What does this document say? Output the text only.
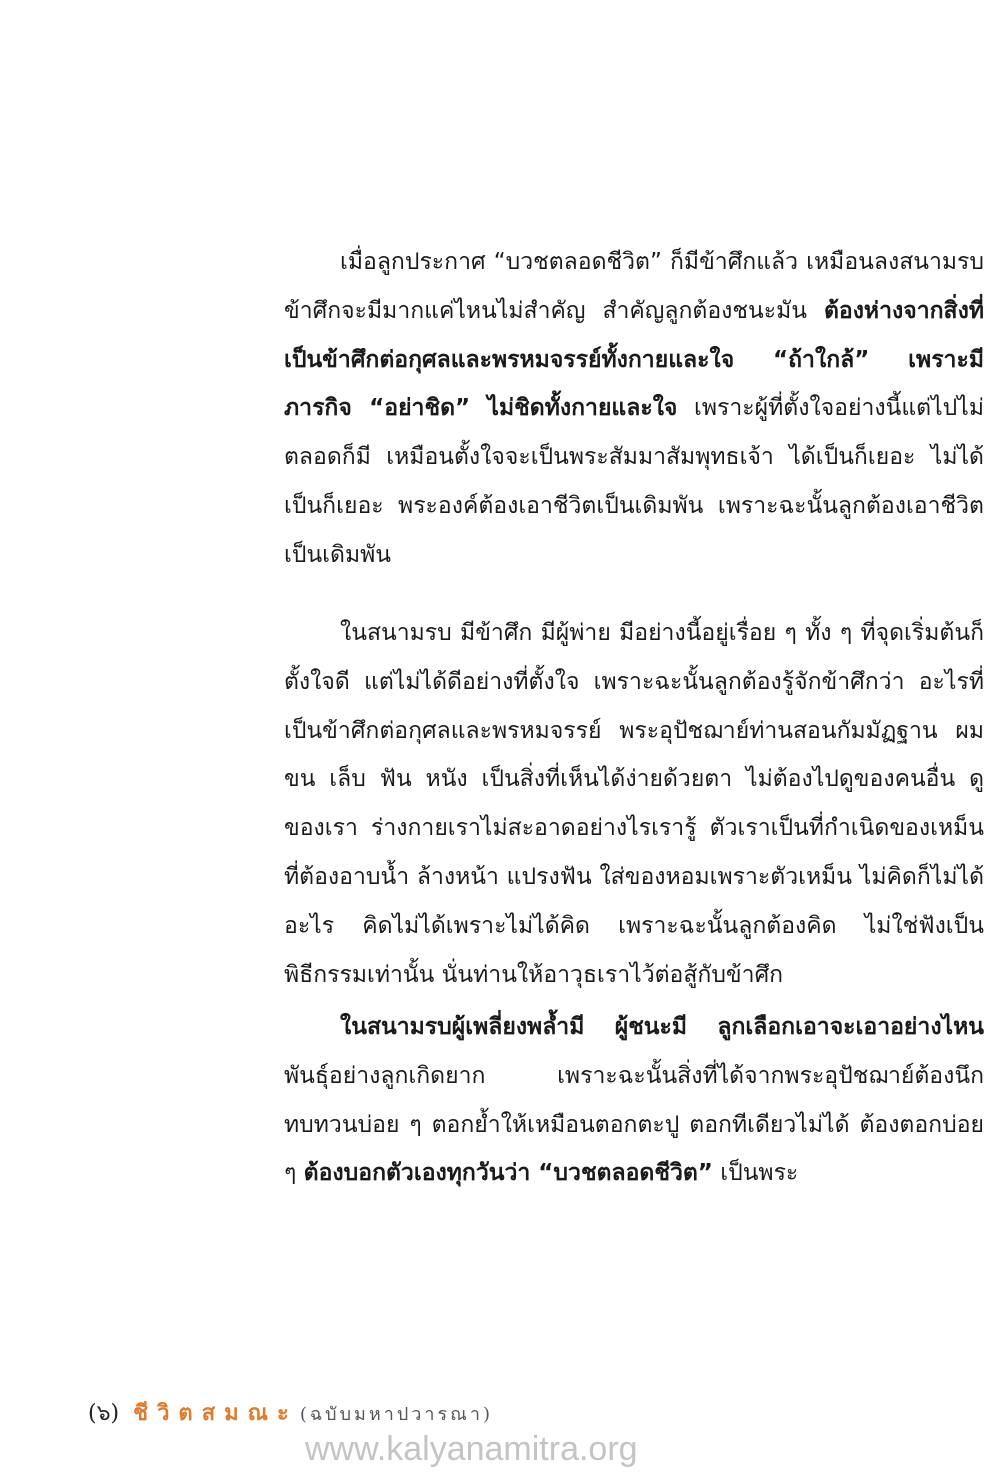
เมื่อลูกประกาศ “บวชตลอดชีวิต” ก็มีข้าศึกแล้ว เหมือนลงสนามรบ ข้าศึกจะมีมากแค่ไหนไม่สำคัญ สำคัญลูกต้องชนะมัน ต้องห่างจากสิ่งที่เป็นข้าศึกต่อกุศลและพรหมจรรย์ทั้งกายและใจ “ถ้าใกล้” เพราะมีภารกิจ “อย่าชิด” ไม่ชิดทั้งกายและใจ เพราะผู้ที่ตั้งใจอย่างนี้แต่ไปไม่ตลอดก็มี เหมือนตั้งใจจะเป็นพระสัมมาสัมพุทธเจ้า ได้เป็นก็เยอะ ไม่ได้เป็นก็เยอะ พระองค์ต้องเอาชีวิตเป็นเดิมพัน เพราะฉะนั้นลูกต้องเอาชีวิตเป็นเดิมพัน

ในสนามรบ มีข้าศึก มีผู้พ่าย มีอย่างนี้อยู่เรื่อย ๆ ทั้ง ๆ ที่จุดเริ่มต้นก็ตั้งใจดี แต่ไม่ได้ดีอย่างที่ตั้งใจ เพราะฉะนั้นลูกต้องรู้จักข้าศึกว่า อะไรที่เป็นข้าศึกต่อกุศลและพรหมจรรย์ พระอุปัชฌาย์ท่านสอนกัมมัฏฐาน ผม ขน เล็บ ฟัน หนัง เป็นสิ่งที่เห็นได้ง่ายด้วยตา ไม่ต้องไปดูของคนอื่น ดูของเรา ร่างกายเราไม่สะอาดอย่างไรเรารู้ ตัวเราเป็นที่กำเนิดของเหม็น ที่ต้องอาบน้ำ ล้างหน้า แปรงฟัน ใส่ของหอมเพราะตัวเหม็น ไม่คิดก็ไม่ได้อะไร คิดไม่ได้เพราะไม่ได้คิด เพราะฉะนั้นลูกต้องคิด ไม่ใช่ฟังเป็นพิธีกรรมเท่านั้น นั่นท่านให้อาวุธเราไว้ต่อสู้กับข้าศึก

ในสนามรบผู้เพลี่ยงพล้ำมี ผู้ชนะมี ลูกเลือกเอาจะเอาอย่างไหน พันธุ์อย่างลูกเกิดยาก เพราะฉะนั้นสิ่งที่ได้จากพระอุปัชฌาย์ต้องนึกทบทวนบ่อย ๆ ตอกย้ำให้เหมือนตอกตะปู ตอกทีเดียวไม่ได้ ต้องตอกบ่อย ๆ ต้องบอกตัวเองทุกวันว่า “บวชตลอดชีวิต” เป็นพระ

(๖) ชีวิตสมณะ (ฉบับมหาปวารณา)
www.kalyanamitra.org
